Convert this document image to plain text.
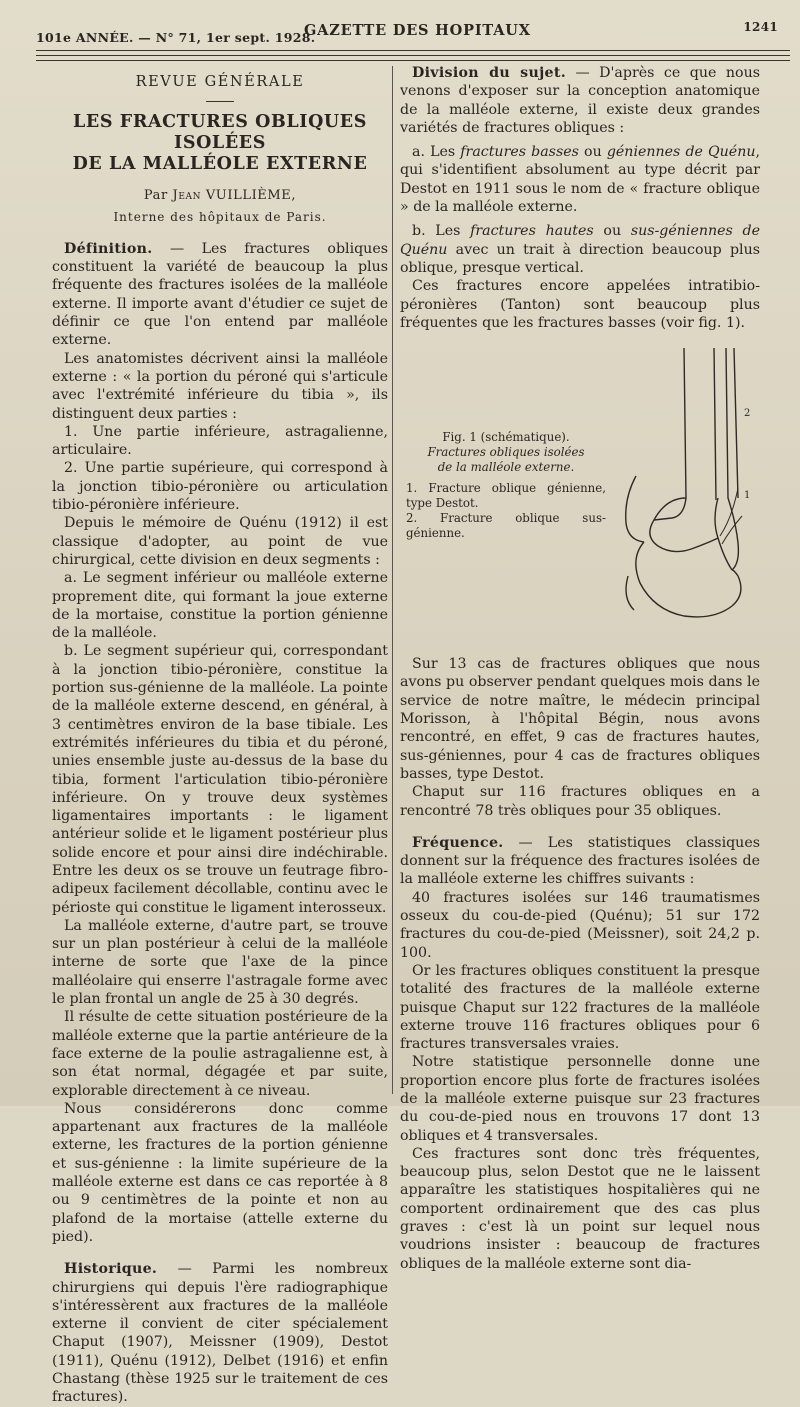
101e ANNÉE. — N° 71, 1er sept. 1928.
GAZETTE DES HOPITAUX	1241
REVUE GÉNÉRALE

LES FRACTURES OBLIQUES ISOLÉES

DE LA MALLÉOLE EXTERNE

Par Jean VUILLIÈME,
Interne des hôpitaux de Paris.

Définition. — Les fractures obliques constituent la variété de beaucoup la plus fréquente des fractures isolées de la malléole externe. Il importe avant d'étudier ce sujet de définir ce que l'on entend par malléole externe.

Les anatomistes décrivent ainsi la malléole externe : « la portion du péroné qui s'articule avec l'extrémité inférieure du tibia », ils distinguent deux parties :

1. Une partie inférieure, astragalienne, articulaire.

2. Une partie supérieure, qui correspond à la jonction tibio-péronière ou articulation tibio-péronière inférieure.

Depuis le mémoire de Quénu (1912) il est classique d'adopter, au point de vue chirurgical, cette division en deux segments :

a. Le segment inférieur ou malléole externe proprement dite, qui formant la joue externe de la mortaise, constitue la portion génienne de la malléole.

b. Le segment supérieur qui, correspondant à la jonction tibio-péronière, constitue la portion sus-génienne de la malléole. La pointe de la malléole externe descend, en général, à 3 centimètres environ de la base tibiale. Les extrémités inférieures du tibia et du péroné, unies ensemble juste au-dessus de la base du tibia, forment l'articulation tibio-péronière inférieure. On y trouve deux systèmes ligamentaires importants : le ligament antérieur solide et le ligament postérieur plus solide encore et pour ainsi dire indéchirable. Entre les deux os se trouve un feutrage fibro-adipeux facilement décollable, continu avec le périoste qui constitue le ligament interosseux.

La malléole externe, d'autre part, se trouve sur un plan postérieur à celui de la malléole interne de sorte que l'axe de la pince malléolaire qui enserre l'astragale forme avec le plan frontal un angle de 25 à 30 degrés.

Il résulte de cette situation postérieure de la malléole externe que la partie antérieure de la face externe de la poulie astragalienne est, à son état normal, dégagée et par suite, explorable directement à ce niveau.

Nous considérerons donc comme appartenant aux fractures de la malléole externe, les fractures de la portion génienne et sus-génienne : la limite supérieure de la malléole externe est dans ce cas reportée à 8 ou 9 centimètres de la pointe et non au plafond de la mortaise (attelle externe du pied).

Historique. — Parmi les nombreux chirurgiens qui depuis l'ère radiographique s'intéressèrent aux fractures de la malléole externe il convient de citer spécialement Chaput (1907), Meissner (1909), Destot (1911), Quénu (1912), Delbet (1916) et enfin Chastang (thèse 1925 sur le traitement de ces fractures).

Division du sujet. — D'après ce que nous venons d'exposer sur la conception anatomique de la malléole externe, il existe deux grandes variétés de fractures obliques :

a. Les fractures basses ou géniennes de Quénu, qui s'identifient absolument au type décrit par Destot en 1911 sous le nom de « fracture oblique » de la malléole externe.

b. Les fractures hautes ou sus-géniennes de Quénu avec un trait à direction beaucoup plus oblique, presque vertical.

Ces fractures encore appelées intratibio-péronières (Tanton) sont beaucoup plus fréquentes que les fractures basses (voir fig. 1).

Fig. 1 (schématique).
Fractures obliques isolées
de la malléole externe.
1. Fracture oblique génienne, type Destot.
2. Fracture oblique sus-génienne.
2
1

Sur 13 cas de fractures obliques que nous avons pu observer pendant quelques mois dans le service de notre maître, le médecin principal Morisson, à l'hôpital Bégin, nous avons rencontré, en effet, 9 cas de fractures hautes, sus-géniennes, pour 4 cas de fractures obliques basses, type Destot.

Chaput sur 116 fractures obliques en a rencontré 78 très obliques pour 35 obliques.

Fréquence. — Les statistiques classiques donnent sur la fréquence des fractures isolées de la malléole externe les chiffres suivants :

40 fractures isolées sur 146 traumatismes osseux du cou-de-pied (Quénu); 51 sur 172 fractures du cou-de-pied (Meissner), soit 24,2 p. 100.

Or les fractures obliques constituent la presque totalité des fractures de la malléole externe puisque Chaput sur 122 fractures de la malléole externe trouve 116 fractures obliques pour 6 fractures transversales vraies.

Notre statistique personnelle donne une proportion encore plus forte de fractures isolées de la malléole externe puisque sur 23 fractures du cou-de-pied nous en trouvons 17 dont 13 obliques et 4 transversales.

Ces fractures sont donc très fréquentes, beaucoup plus, selon Destot que ne le laissent apparaître les statistiques hospitalières qui ne comportent ordinairement que des cas plus graves : c'est là un point sur lequel nous voudrions insister : beaucoup de fractures obliques de la malléole externe sont dia-
